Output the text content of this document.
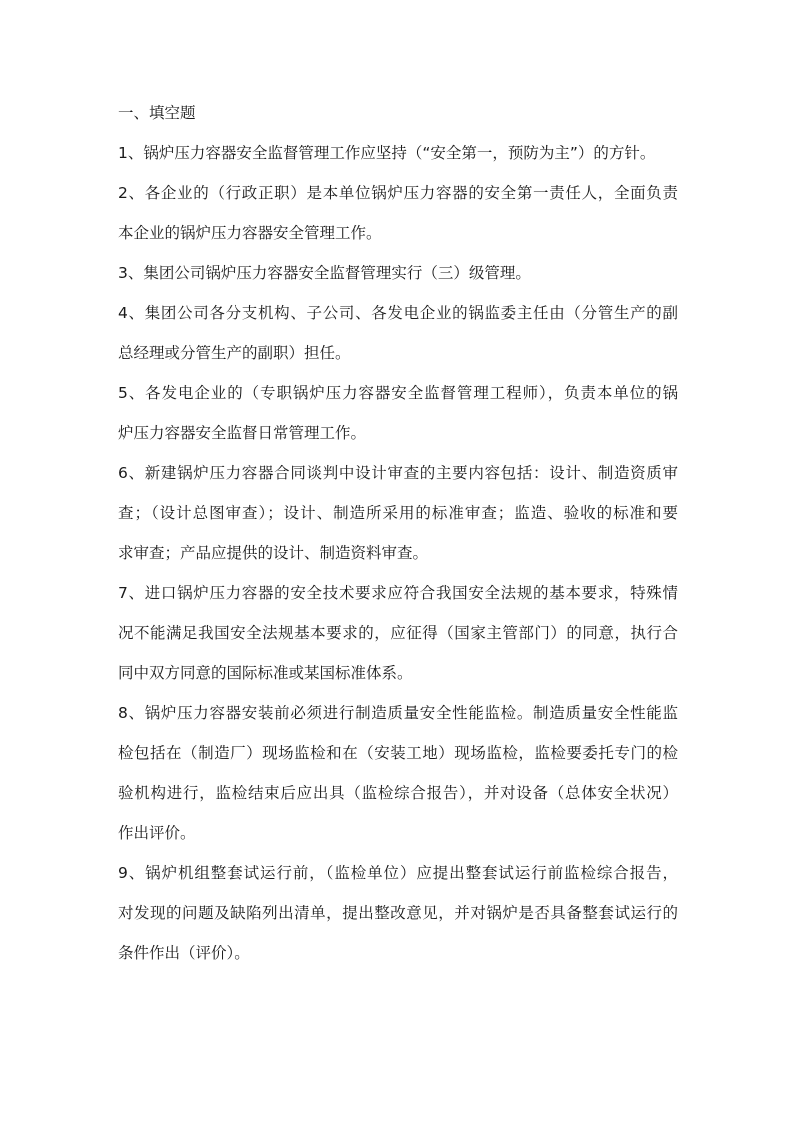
一、填空题
1、锅炉压力容器安全监督管理工作应坚持（“安全第一，预防为主”）的方针。
2、各企业的（行政正职）是本单位锅炉压力容器的安全第一责任人，全面负责
本企业的锅炉压力容器安全管理工作。
3、集团公司锅炉压力容器安全监督管理实行（三）级管理。
4、集团公司各分支机构、子公司、各发电企业的锅监委主任由（分管生产的副
总经理或分管生产的副职）担任。
5、各发电企业的（专职锅炉压力容器安全监督管理工程师），负责本单位的锅
炉压力容器安全监督日常管理工作。
6、新建锅炉压力容器合同谈判中设计审查的主要内容包括：设计、制造资质审
查；（设计总图审查）；设计、制造所采用的标准审查；监造、验收的标准和要
求审查；产品应提供的设计、制造资料审查。
7、进口锅炉压力容器的安全技术要求应符合我国安全法规的基本要求，特殊情
况不能满足我国安全法规基本要求的，应征得（国家主管部门）的同意，执行合
同中双方同意的国际标准或某国标准体系。
8、锅炉压力容器安装前必须进行制造质量安全性能监检。制造质量安全性能监
检包括在（制造厂）现场监检和在（安装工地）现场监检，监检要委托专门的检
验机构进行，监检结束后应出具（监检综合报告），并对设备（总体安全状况）
作出评价。
9、锅炉机组整套试运行前，（监检单位）应提出整套试运行前监检综合报告，
对发现的问题及缺陷列出清单，提出整改意见，并对锅炉是否具备整套试运行的
条件作出（评价）。
